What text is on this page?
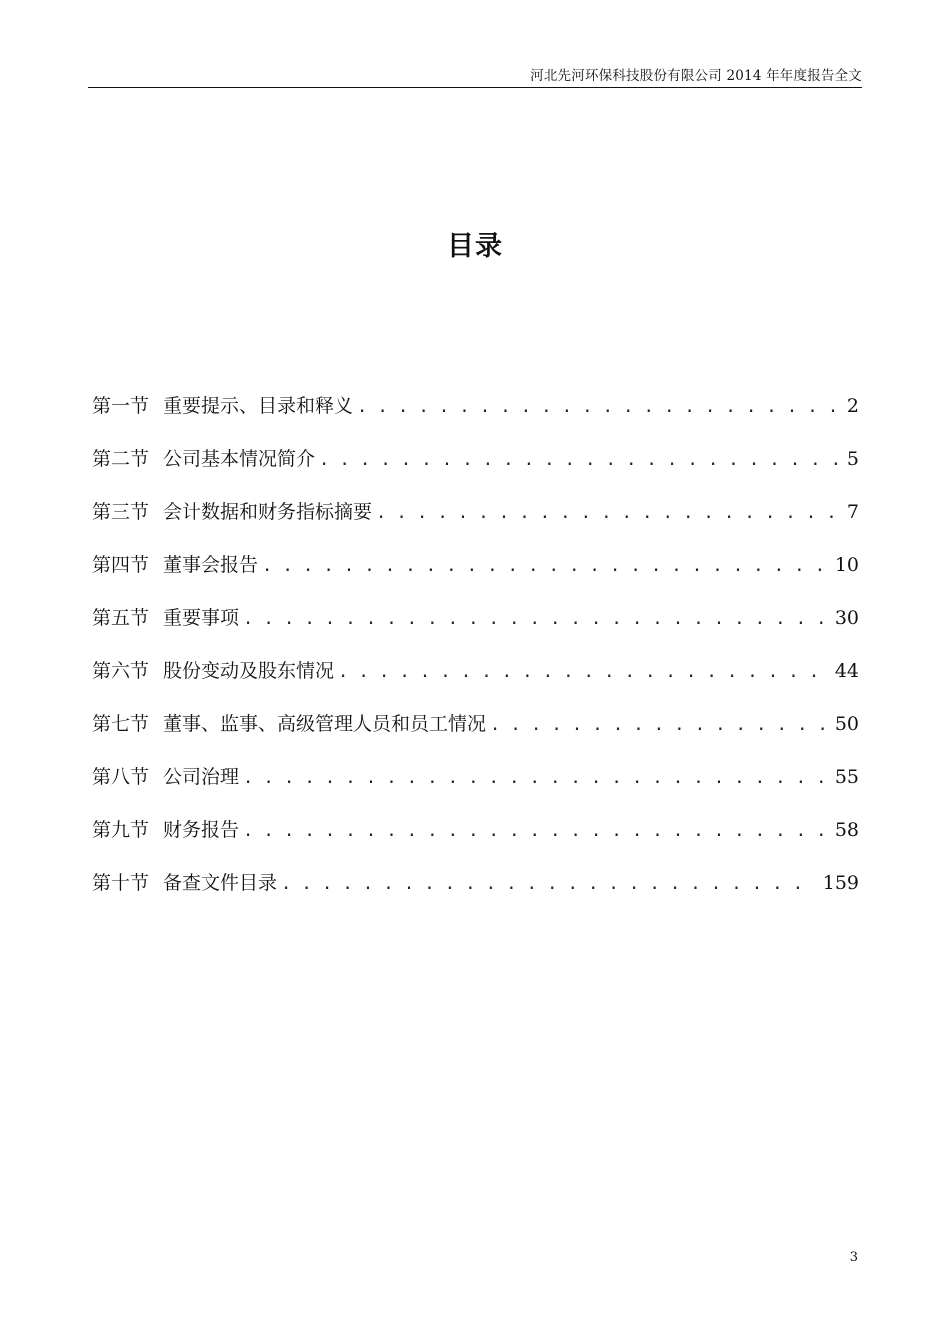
河北先河环保科技股份有限公司 2014 年年度报告全文
目录
第一节 重要提示、目录和释义 . . .	2
第二节 公司基本情况简介 . . .	5
第三节 会计数据和财务指标摘要 . . .	7
第四节 董事会报告 . . .	10
第五节 重要事项 . . .	30
第六节 股份变动及股东情况 . . .	44
第七节 董事、监事、高级管理人员和员工情况 . . .	50
第八节 公司治理 . . .	55
第九节 财务报告 . . .	58
第十节 备查文件目录 . . .	159
3
